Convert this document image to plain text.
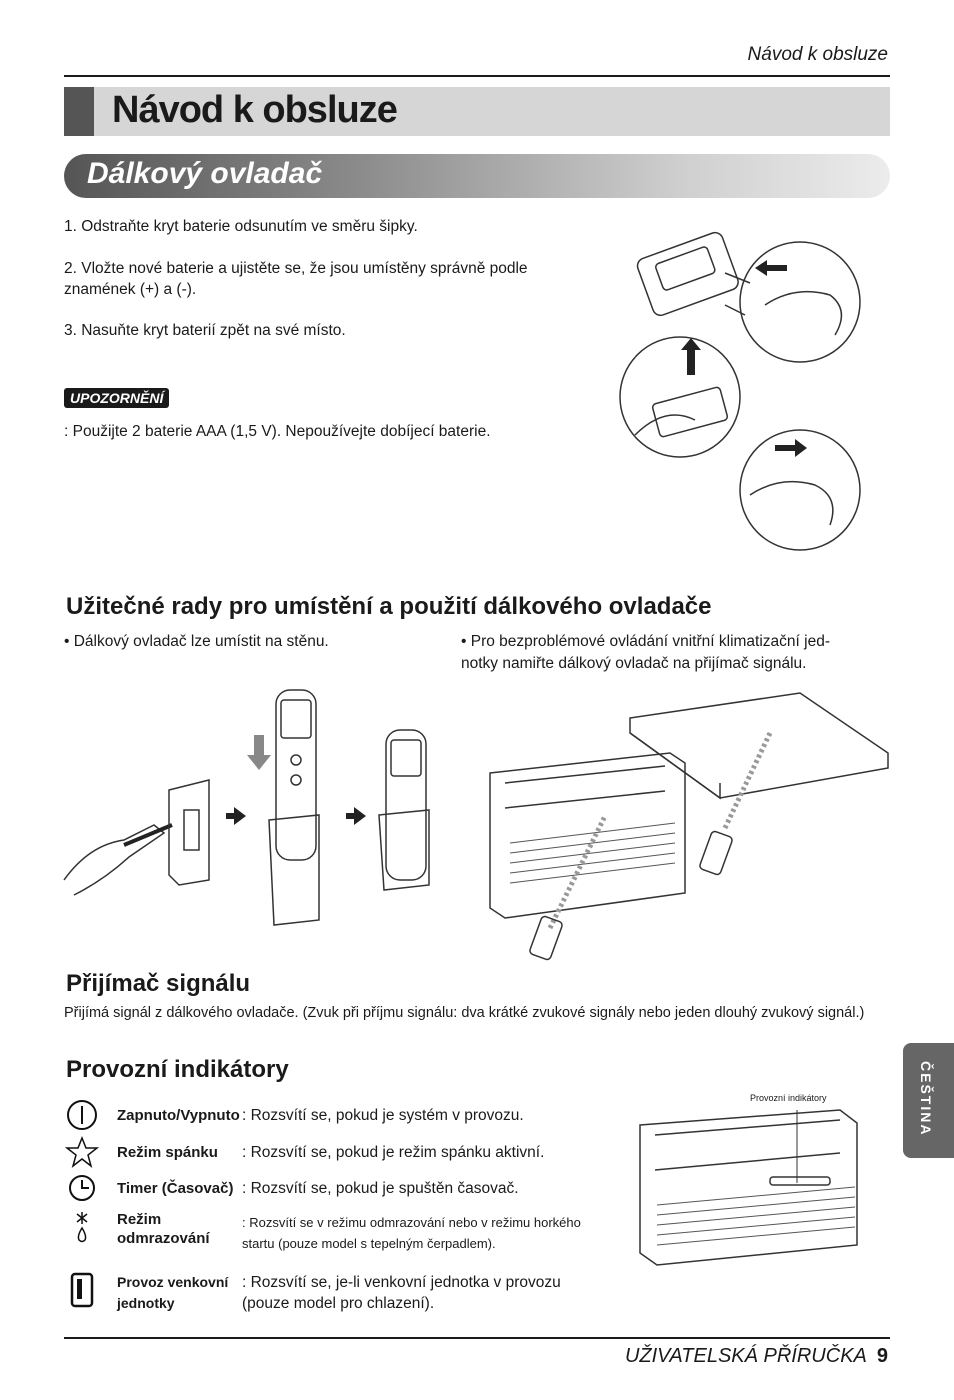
Návod k obsluze
Návod k obsluze
Dálkový ovladač
1. Odstraňte kryt baterie odsunutím ve směru šipky.
2. Vložte nové baterie a ujistěte se, že jsou umístěny správně podle znamének (+) a (-).
3. Nasuňte kryt baterií zpět na své místo.
UPOZORNĚNÍ
: Použijte 2 baterie AAA (1,5 V). Nepoužívejte dobíjecí baterie.
Užitečné rady pro umístění a použití dálkového ovladače
• Dálkový ovladač lze umístit na stěnu.	• Pro bezproblémové ovládání vnitřní klimatizační jed- notky namiřte dálkový ovladač na přijímač signálu.
Přijímač signálu
Přijímá signál z dálkového ovladače. (Zvuk při příjmu signálu: dva krátké zvukové signály nebo jeden dlouhý zvukový signál.)
Provozní indikátory
Zapnuto/Vypnuto : Rozsvítí se, pokud je systém v provozu.
Režim spánku : Rozsvítí se, pokud je režim spánku aktivní.
Timer (Časovač) : Rozsvítí se, pokud je spuštěn časovač.
Režim odmrazování
: Rozsvítí se v režimu odmrazování nebo v režimu horkého startu (pouze model s tepelným čerpadlem).
Provoz venkovní jednotky
: Rozsvítí se, je-li venkovní jednotka v provozu (pouze model pro chlazení).
Provozní indikátory	ČEŠTINA
UŽIVATELSKÁ PŘÍRUČKA 9
